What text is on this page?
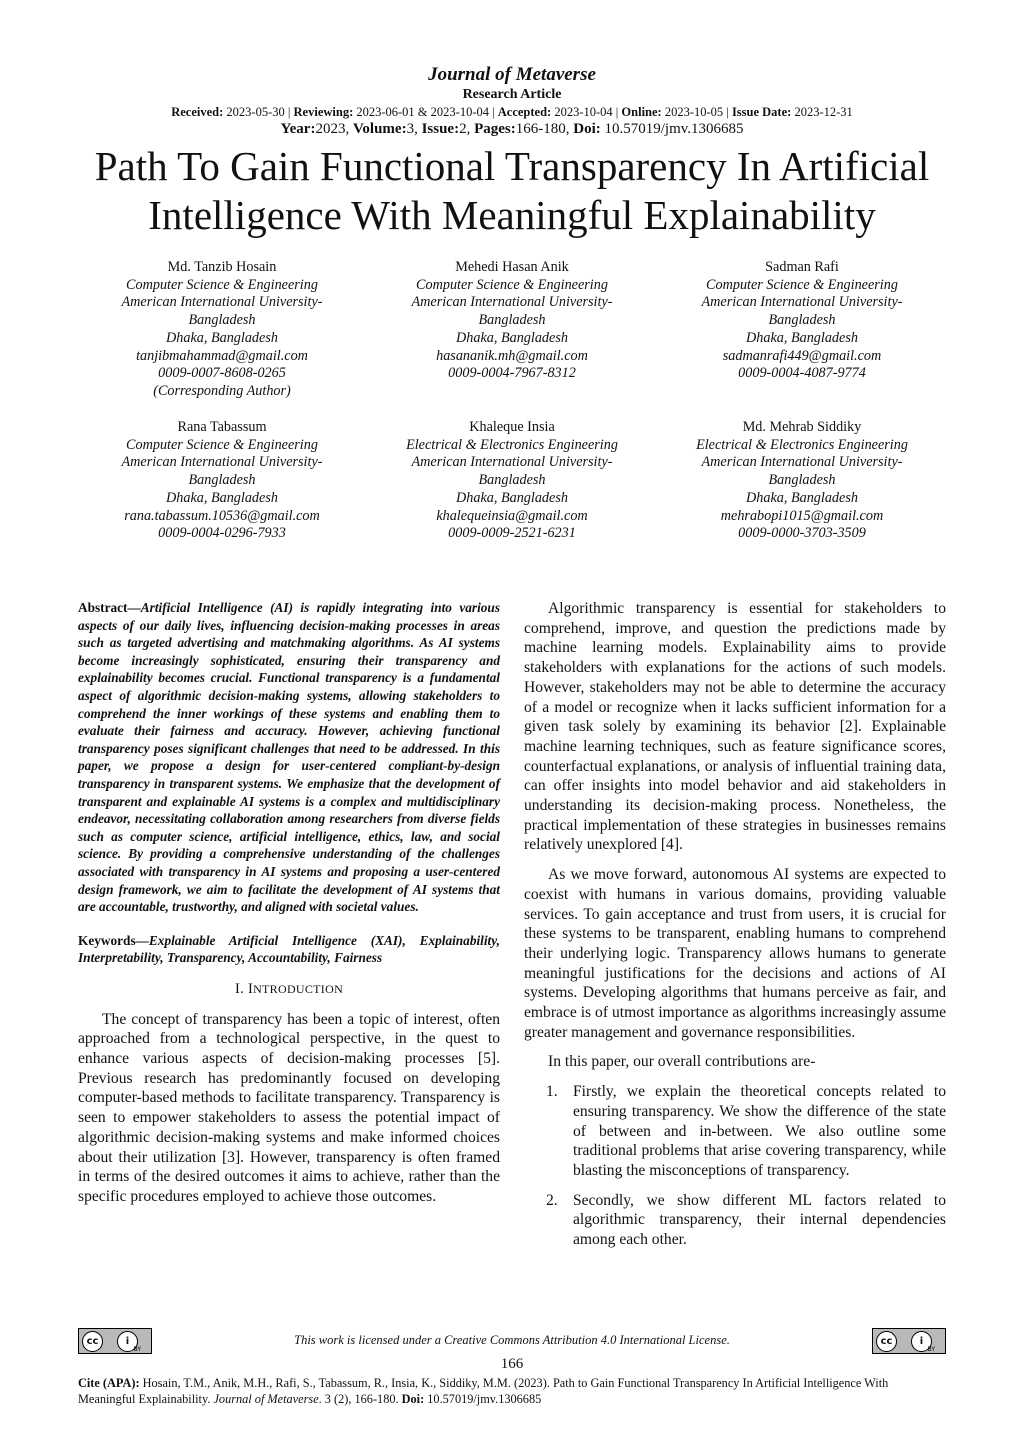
Journal of Metaverse
Research Article
Received: 2023-05-30 | Reviewing: 2023-06-01 & 2023-10-04 | Accepted: 2023-10-04 | Online: 2023-10-05 | Issue Date: 2023-12-31
Year:2023, Volume:3, Issue:2, Pages:166-180, Doi: 10.57019/jmv.1306685
Path To Gain Functional Transparency In Artificial
Intelligence With Meaningful Explainability
Md. Tanzib Hosain
Computer Science & Engineering
American International University-
Bangladesh
Dhaka, Bangladesh
tanjibmahammad@gmail.com
0009-0007-8608-0265
(Corresponding Author)
Mehedi Hasan Anik
Computer Science & Engineering
American International University-
Bangladesh
Dhaka, Bangladesh
hasananik.mh@gmail.com
0009-0004-7967-8312
Sadman Rafi
Computer Science & Engineering
American International University-
Bangladesh
Dhaka, Bangladesh
sadmanrafi449@gmail.com
0009-0004-4087-9774
Rana Tabassum
Computer Science & Engineering
American International University-
Bangladesh
Dhaka, Bangladesh
rana.tabassum.10536@gmail.com
0009-0004-0296-7933
Khaleque Insia
Electrical & Electronics Engineering
American International University-
Bangladesh
Dhaka, Bangladesh
khalequeinsia@gmail.com
0009-0009-2521-6231
Md. Mehrab Siddiky
Electrical & Electronics Engineering
American International University-
Bangladesh
Dhaka, Bangladesh
mehrabopi1015@gmail.com
0009-0000-3703-3509

Abstract—Artificial Intelligence (AI) is rapidly integrating into various aspects of our daily lives, influencing decision-making processes in areas such as targeted advertising and matchmaking algorithms. As AI systems become increasingly sophisticated, ensuring their transparency and explainability becomes crucial. Functional transparency is a fundamental aspect of algorithmic decision-making systems, allowing stakeholders to comprehend the inner workings of these systems and enabling them to evaluate their fairness and accuracy. However, achieving functional transparency poses significant challenges that need to be addressed. In this paper, we propose a design for user-centered compliant-by-design transparency in transparent systems. We emphasize that the development of transparent and explainable AI systems is a complex and multidisciplinary endeavor, necessitating collaboration among researchers from diverse fields such as computer science, artificial intelligence, ethics, law, and social science. By providing a comprehensive understanding of the challenges associated with transparency in AI systems and proposing a user-centered design framework, we aim to facilitate the development of AI systems that are accountable, trustworthy, and aligned with societal values.

Keywords—Explainable Artificial Intelligence (XAI), Explainability, Interpretability, Transparency, Accountability, Fairness

I. INTRODUCTION

The concept of transparency has been a topic of interest, often approached from a technological perspective, in the quest to enhance various aspects of decision-making processes [5]. Previous research has predominantly focused on developing computer-based methods to facilitate transparency. Transparency is seen to empower stakeholders to assess the potential impact of algorithmic decision-making systems and make informed choices about their utilization [3]. However, transparency is often framed in terms of the desired outcomes it aims to achieve, rather than the specific procedures employed to achieve those outcomes.

Algorithmic transparency is essential for stakeholders to comprehend, improve, and question the predictions made by machine learning models. Explainability aims to provide stakeholders with explanations for the actions of such models. However, stakeholders may not be able to determine the accuracy of a model or recognize when it lacks sufficient information for a given task solely by examining its behavior [2]. Explainable machine learning techniques, such as feature significance scores, counterfactual explanations, or analysis of influential training data, can offer insights into model behavior and aid stakeholders in understanding its decision-making process. Nonetheless, the practical implementation of these strategies in businesses remains relatively unexplored [4].

As we move forward, autonomous AI systems are expected to coexist with humans in various domains, providing valuable services. To gain acceptance and trust from users, it is crucial for these systems to be transparent, enabling humans to comprehend their underlying logic. Transparency allows humans to generate meaningful justifications for the decisions and actions of AI systems. Developing algorithms that humans perceive as fair, and embrace is of utmost importance as algorithms increasingly assume greater management and governance responsibilities.

In this paper, our overall contributions are-

1. Firstly, we explain the theoretical concepts related to ensuring transparency. We show the difference of the state of between and in-between. We also outline some traditional problems that arise covering transparency, while blasting the misconceptions of transparency.
2. Secondly, we show different ML factors related to algorithmic transparency, their internal dependencies among each other.
cc	i
BY
This work is licensed under a Creative Commons Attribution 4.0 International License.	cc	i
BY
166
Cite (APA): Hosain, T.M., Anik, M.H., Rafi, S., Tabassum, R., Insia, K., Siddiky, M.M. (2023). Path to Gain Functional Transparency In Artificial Intelligence With Meaningful Explainability. Journal of Metaverse. 3 (2), 166-180. Doi: 10.57019/jmv.1306685
